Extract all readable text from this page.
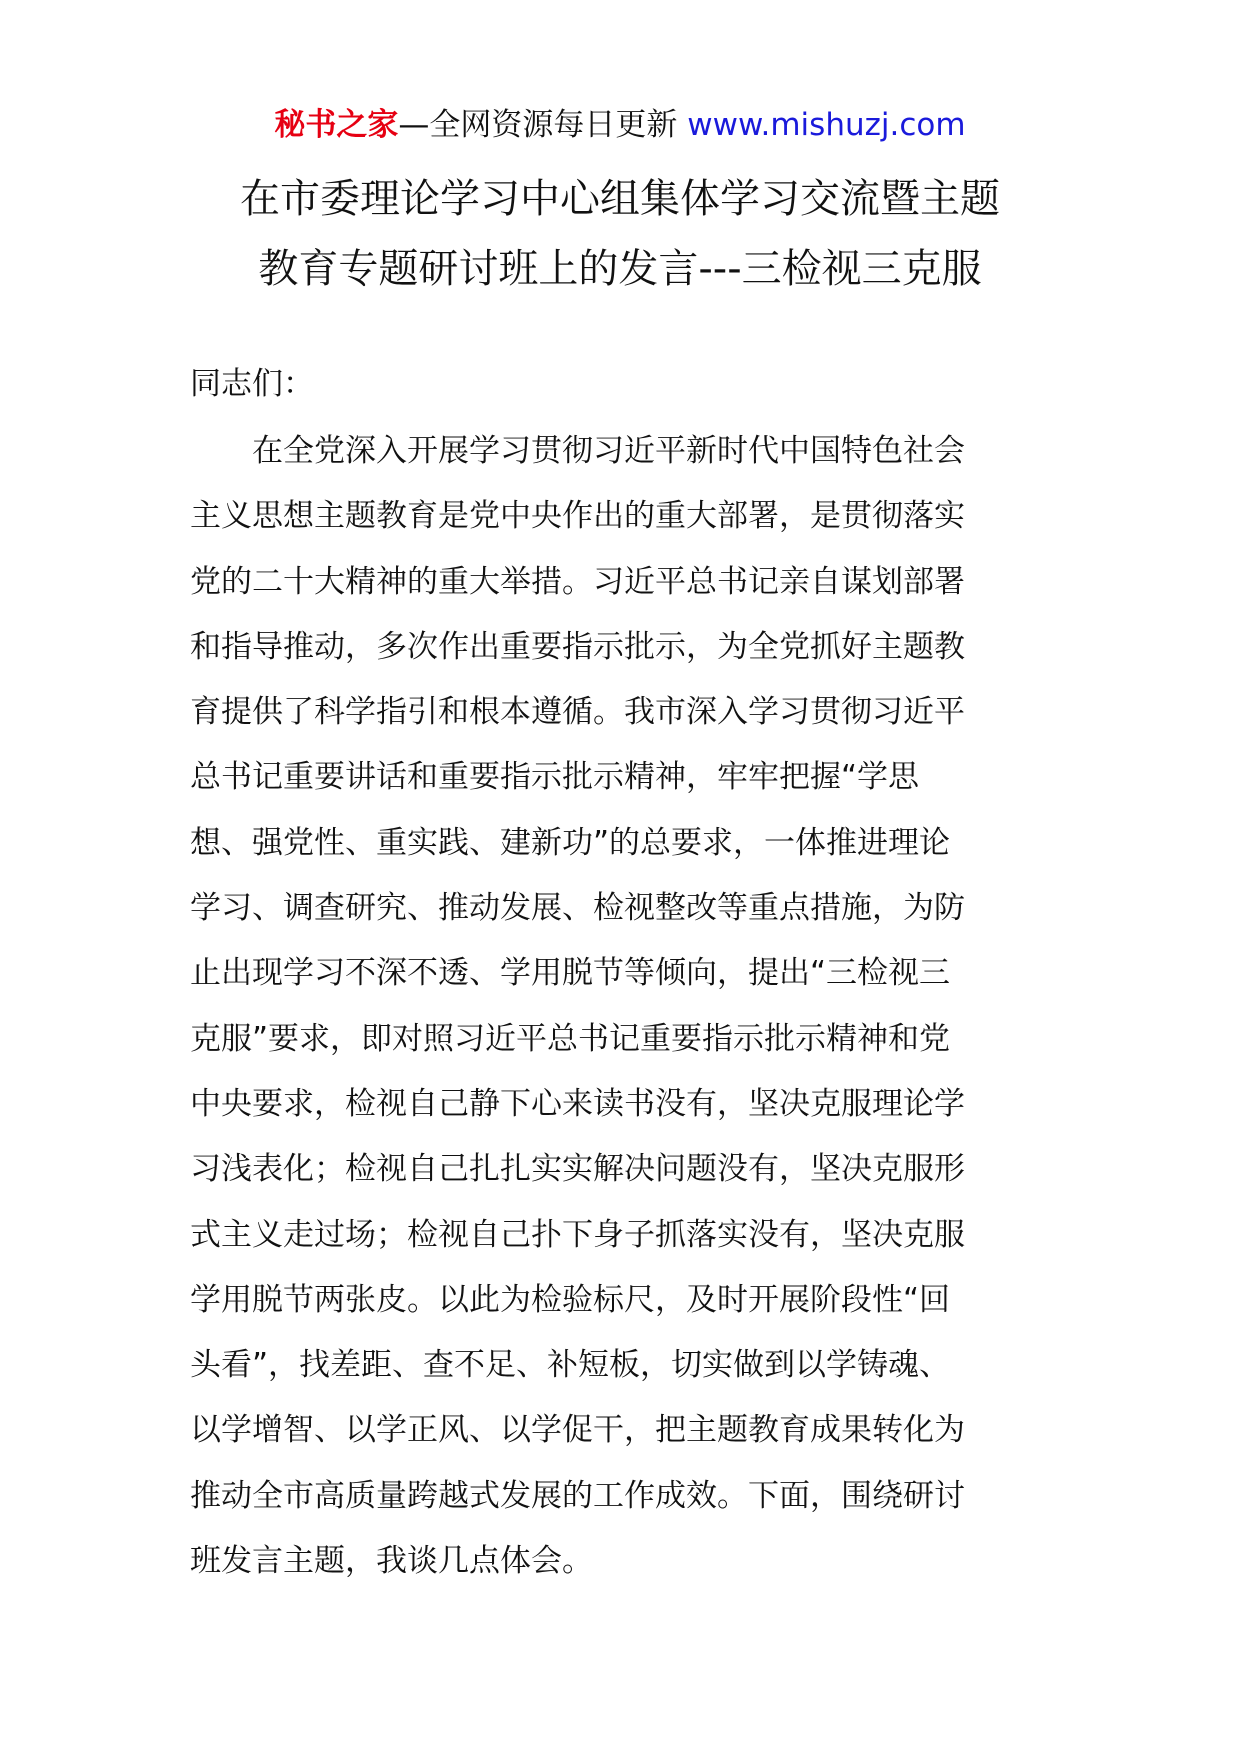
秘书之家—全网资源每日更新 www.mishuzj.com
在市委理论学习中心组集体学习交流暨主题
教育专题研讨班上的发言---三检视三克服
同志们：
在全党深入开展学习贯彻习近平新时代中国特色社会
主义思想主题教育是党中央作出的重大部署，是贯彻落实
党的二十大精神的重大举措。习近平总书记亲自谋划部署
和指导推动，多次作出重要指示批示，为全党抓好主题教
育提供了科学指引和根本遵循。我市深入学习贯彻习近平
总书记重要讲话和重要指示批示精神，牢牢把握“学思
想、强党性、重实践、建新功”的总要求，一体推进理论
学习、调查研究、推动发展、检视整改等重点措施，为防
止出现学习不深不透、学用脱节等倾向，提出“三检视三
克服”要求，即对照习近平总书记重要指示批示精神和党
中央要求，检视自己静下心来读书没有，坚决克服理论学
习浅表化；检视自己扎扎实实解决问题没有，坚决克服形
式主义走过场；检视自己扑下身子抓落实没有，坚决克服
学用脱节两张皮。以此为检验标尺，及时开展阶段性“回
头看”，找差距、查不足、补短板，切实做到以学铸魂、
以学增智、以学正风、以学促干，把主题教育成果转化为
推动全市高质量跨越式发展的工作成效。下面，围绕研讨
班发言主题，我谈几点体会。
